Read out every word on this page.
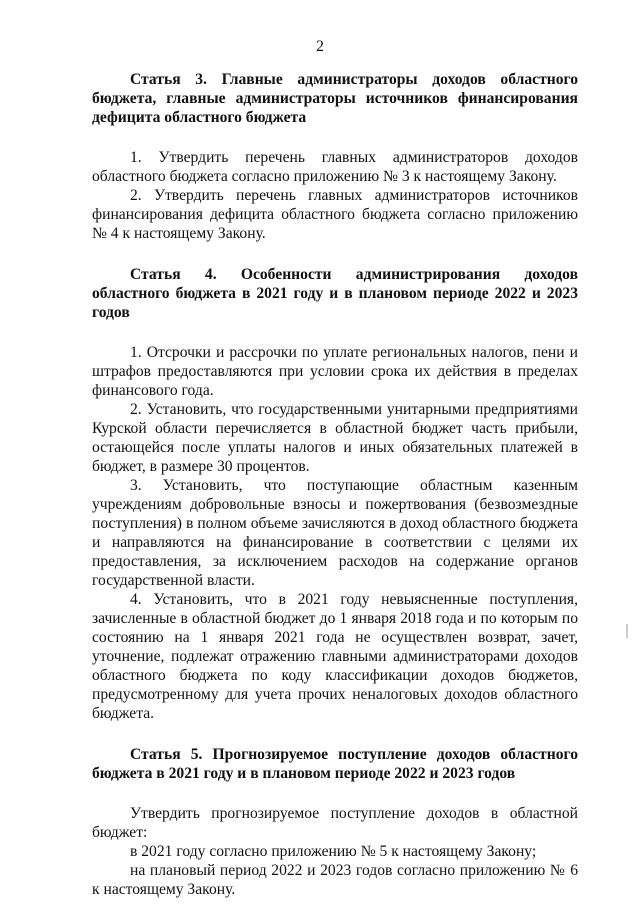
2

Статья 3. Главные администраторы доходов областного бюджета, главные администраторы источников финансирования дефицита областного бюджета

1. Утвердить перечень главных администраторов доходов областного бюджета согласно приложению № 3 к настоящему Закону.

2. Утвердить перечень главных администраторов источников финансирования дефицита областного бюджета согласно приложению № 4 к настоящему Закону.

Статья 4. Особенности администрирования доходов областного бюджета в 2021 году и в плановом периоде 2022 и 2023 годов

1. Отсрочки и рассрочки по уплате региональных налогов, пени и штрафов предоставляются при условии срока их действия в пределах финансового года.

2. Установить, что государственными унитарными предприятиями Курской области перечисляется в областной бюджет часть прибыли, остающейся после уплаты налогов и иных обязательных платежей в бюджет, в размере 30 процентов.

3. Установить, что поступающие областным казенным учреждениям добровольные взносы и пожертвования (безвозмездные поступления) в полном объеме зачисляются в доход областного бюджета и направляются на финансирование в соответствии с целями их предоставления, за исключением расходов на содержание органов государственной власти.

4. Установить, что в 2021 году невыясненные поступления, зачисленные в областной бюджет до 1 января 2018 года и по которым по состоянию на 1 января 2021 года не осуществлен возврат, зачет, уточнение, подлежат отражению главными администраторами доходов областного бюджета по коду классификации доходов бюджетов, предусмотренному для учета прочих неналоговых доходов областного бюджета.

Статья 5. Прогнозируемое поступление доходов областного бюджета в 2021 году и в плановом периоде 2022 и 2023 годов

Утвердить прогнозируемое поступление доходов в областной бюджет:

в 2021 году согласно приложению № 5 к настоящему Закону;

на плановый период 2022 и 2023 годов согласно приложению № 6 к настоящему Закону.
